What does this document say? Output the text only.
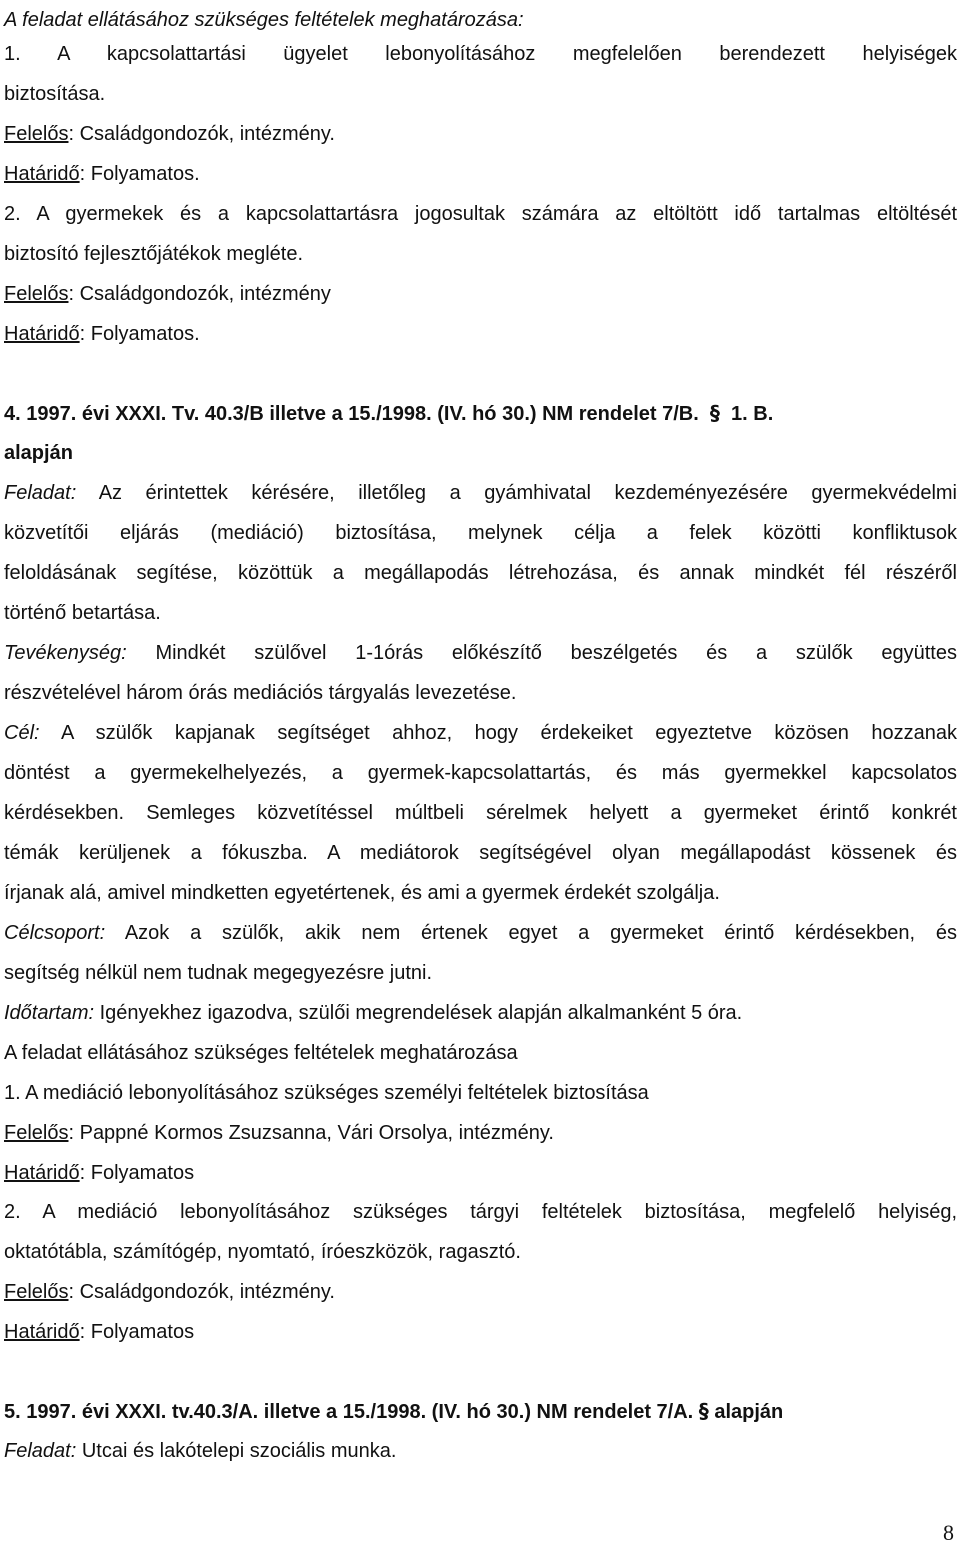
A feladat ellátásához szükséges feltételek meghatározása:
1. A kapcsolattartási ügyelet lebonyolításához megfelelően berendezett helyiségek
biztosítása.
Felelős: Családgondozók, intézmény.
Határidő: Folyamatos.
2. A gyermekek és a kapcsolattartásra jogosultak számára az eltöltött idő tartalmas eltöltését
biztosító fejlesztőjátékok megléte.
Felelős: Családgondozók, intézmény
Határidő: Folyamatos.
4. 1997. évi XXXI. Tv. 40.3/B illetve a 15./1998. (IV. hó 30.) NM rendelet 7/B. § 1. B.
alapján
Feladat: Az érintettek kérésére, illetőleg a gyámhivatal kezdeményezésére gyermekvédelmi
közvetítői eljárás (mediáció) biztosítása, melynek célja a felek közötti konfliktusok
feloldásának segítése, közöttük a megállapodás létrehozása, és annak mindkét fél részéről
történő betartása.
Tevékenység: Mindkét szülővel 1-1órás előkészítő beszélgetés és a szülők együttes
részvételével három órás mediációs tárgyalás levezetése.
Cél: A szülők kapjanak segítséget ahhoz, hogy érdekeiket egyeztetve közösen hozzanak
döntést a gyermekelhelyezés, a gyermek-kapcsolattartás, és más gyermekkel kapcsolatos
kérdésekben. Semleges közvetítéssel múltbeli sérelmek helyett a gyermeket érintő konkrét
témák kerüljenek a fókuszba. A mediátorok segítségével olyan megállapodást kössenek és
írjanak alá, amivel mindketten egyetértenek, és ami a gyermek érdekét szolgálja.
Célcsoport: Azok a szülők, akik nem értenek egyet a gyermeket érintő kérdésekben, és
segítség nélkül nem tudnak megegyezésre jutni.
Időtartam: Igényekhez igazodva, szülői megrendelések alapján alkalmanként 5 óra.
A feladat ellátásához szükséges feltételek meghatározása
1. A mediáció lebonyolításához szükséges személyi feltételek biztosítása
Felelős: Pappné Kormos Zsuzsanna, Vári Orsolya, intézmény.
Határidő: Folyamatos
2. A mediáció lebonyolításához szükséges tárgyi feltételek biztosítása, megfelelő helyiség,
oktatótábla, számítógép, nyomtató, íróeszközök, ragasztó.
Felelős: Családgondozók, intézmény.
Határidő: Folyamatos
5. 1997. évi XXXI. tv.40.3/A. illetve a 15./1998. (IV. hó 30.) NM rendelet 7/A. § alapján
Feladat: Utcai és lakótelepi szociális munka.
8
